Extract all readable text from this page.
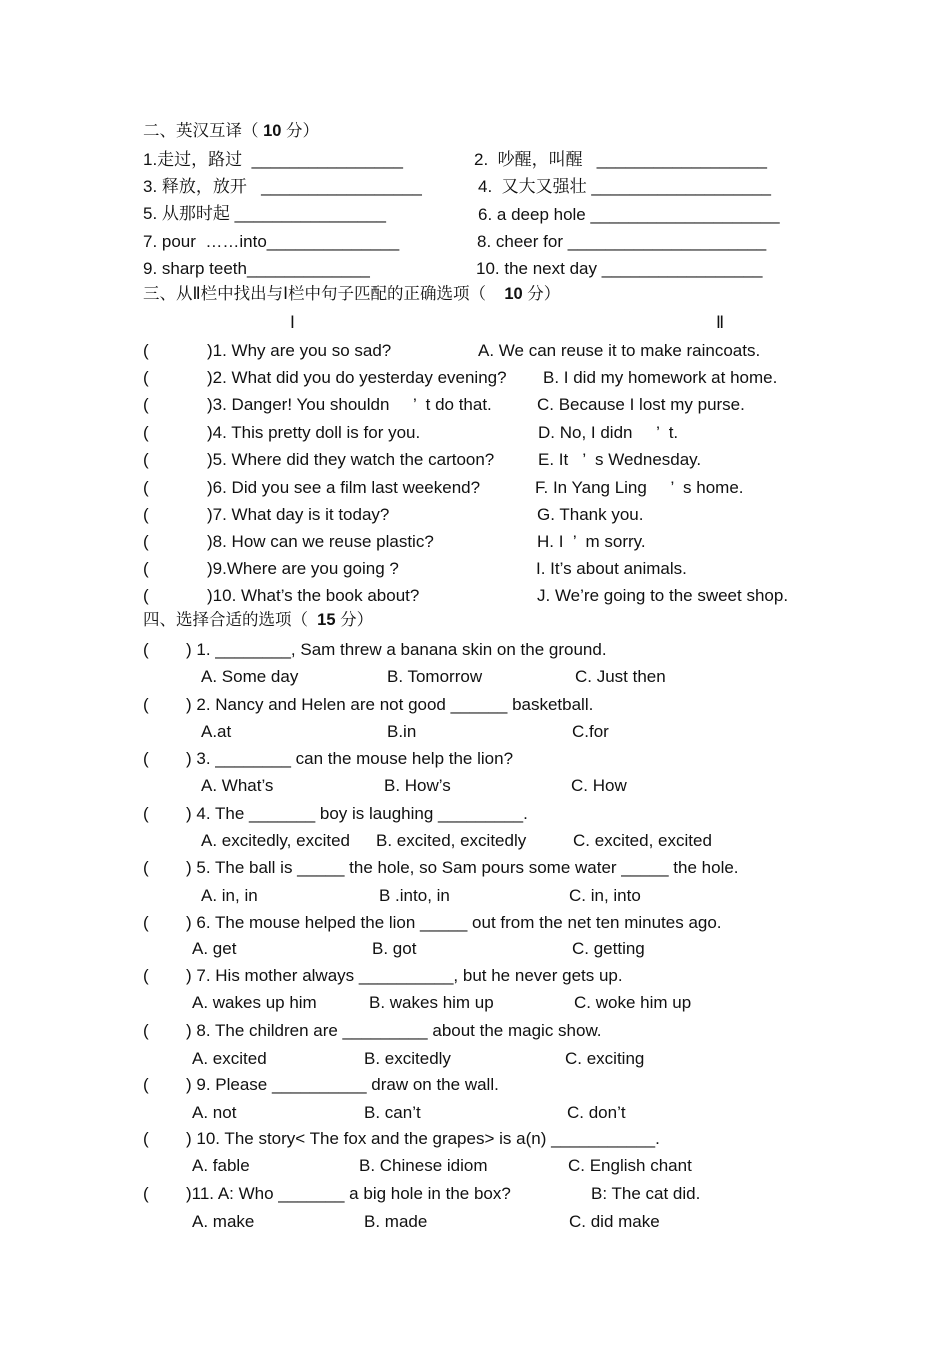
二、英汉互译（ 10 分）
1.走过，路过  ________________	2.  吵醒，叫醒   __________________
3. 释放，放开   _________________	4.  又大又强壮 ___________________
5. 从那时起 ________________	6. a deep hole ____________________
7. pour  ……into______________	8. cheer for _____________________
9. sharp teeth_____________	10. the next day _________________
三、从Ⅱ栏中找出与Ⅰ栏中句子匹配的正确选项（    10 分）
Ⅰ	Ⅱ
(	)1. Why are you so sad?	A. We can reuse it to make raincoats.
(	)2. What did you do yesterday evening? B. I did my homework at home.
(	)3. Danger! You shouldn     ’  t do that.	C. Because I lost my purse.
(	)4. This pretty doll is for you.	D. No, I didn     ’  t.
(	)5. Where did they watch the cartoon?	E. It   ’  s Wednesday.
(	)6. Did you see a film last weekend?	F. In Yang Ling     ’  s home.
(	)7. What day is it today?	G. Thank you.
(	)8. How can we reuse plastic?	H. I  ’  m sorry.
(	)9.Where are you going ?	I. It’s about animals.
(	)10. What’s the book about?	J. We’re going to the sweet shop.
四、选择合适的选项（  15 分）
( ) 1. ________, Sam threw a banana skin on the ground.
A. Some day	B. Tomorrow	C. Just then
( ) 2. Nancy and Helen are not good ______ basketball.
A.at	B.in	C.for
( ) 3. ________ can the mouse help the lion?
A. What’s	B. How’s	C. How
( ) 4. The _______ boy is laughing _________.
A. excitedly, excited B. excited, excitedly	C. excited, excited
( ) 5. The ball is _____ the hole, so Sam pours some water _____ the hole.
A. in, in	B .into, in	C. in, into
( ) 6. The mouse helped the lion _____ out from the net ten minutes ago.
A. get	B. got	C. getting
( ) 7. His mother always __________, but he never gets up.
A. wakes up him	B. wakes him up	C. woke him up
( ) 8. The children are _________ about the magic show.
A. excited	B. excitedly	C. exciting
( ) 9. Please __________ draw on the wall.
A. not	B. can’t	C. don’t
( ) 10. The story< The fox and the grapes> is a(n) ___________.
A. fable	B. Chinese idiom	C. English chant
( )11. A: Who _______ a big hole in the box?	B: The cat did.
A. make	B. made	C. did make
